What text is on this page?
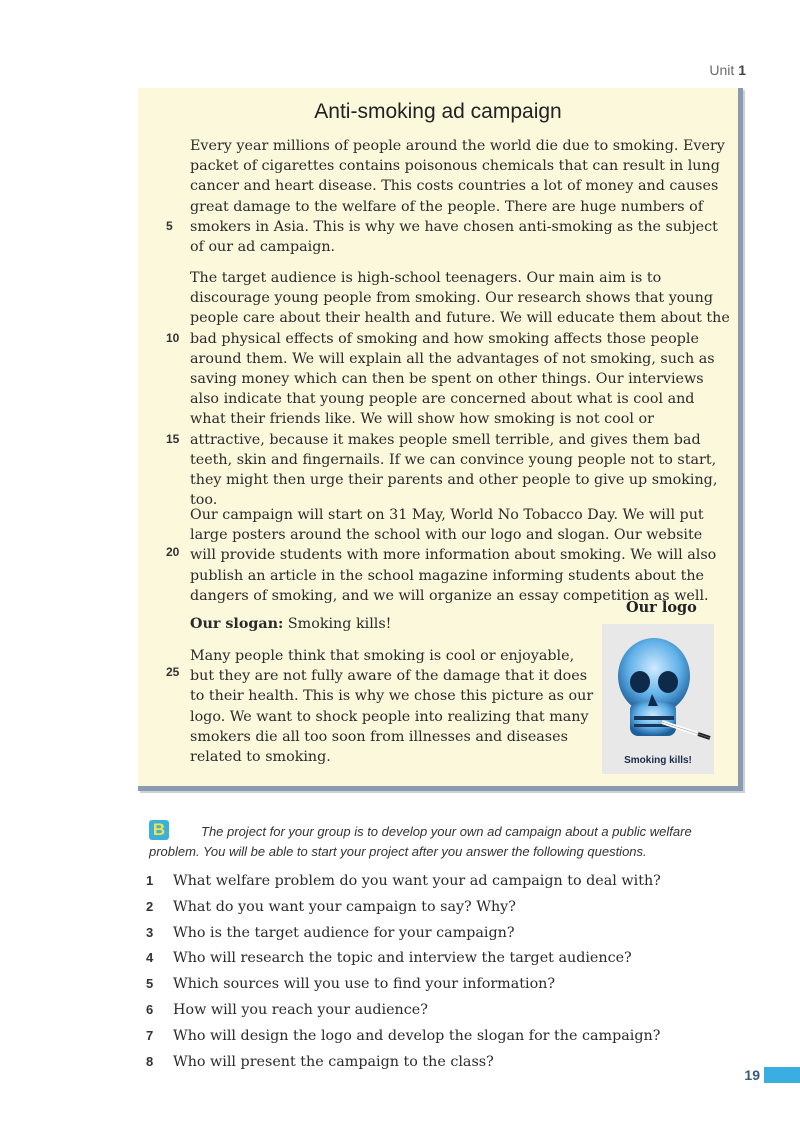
Unit 1
Anti-smoking ad campaign
5
10
15
20
25

Every year millions of people around the world die due to smoking. Every packet of cigarettes contains poisonous chemicals that can result in lung cancer and heart disease. This costs countries a lot of money and causes great damage to the welfare of the people. There are huge numbers of smokers in Asia. This is why we have chosen anti-smoking as the subject of our ad campaign.

The target audience is high-school teenagers. Our main aim is to discourage young people from smoking. Our research shows that young people care about their health and future. We will educate them about the bad physical effects of smoking and how smoking affects those people around them. We will explain all the advantages of not smoking, such as saving money which can then be spent on other things. Our interviews also indicate that young people are concerned about what is cool and what their friends like. We will show how smoking is not cool or attractive, because it makes people smell terrible, and gives them bad teeth, skin and fingernails. If we can convince young people not to start, they might then urge their parents and other people to give up smoking, too.

Our campaign will start on 31 May, World No Tobacco Day. We will put large posters around the school with our logo and slogan. Our website will provide students with more information about smoking. We will also publish an article in the school magazine informing students about the dangers of smoking, and we will organize an essay competition as well.

Our slogan: Smoking kills!

Many people think that smoking is cool or enjoyable, but they are not fully aware of the damage that it does to their health. This is why we chose this picture as our logo. We want to shock people into realizing that many smokers die all too soon from illnesses and diseases related to smoking.

Our logo
Smoking kills!
B	The project for your group is to develop your own ad campaign about a public welfare problem. You will be able to start your project after you answer the following questions.

1 What welfare problem do you want your ad campaign to deal with?
2 What do you want your campaign to say? Why?
3 Who is the target audience for your campaign?
4 Who will research the topic and interview the target audience?
5 Which sources will you use to find your information?
6 How will you reach your audience?
7 Who will design the logo and develop the slogan for the campaign?
8 Who will present the campaign to the class?
19
